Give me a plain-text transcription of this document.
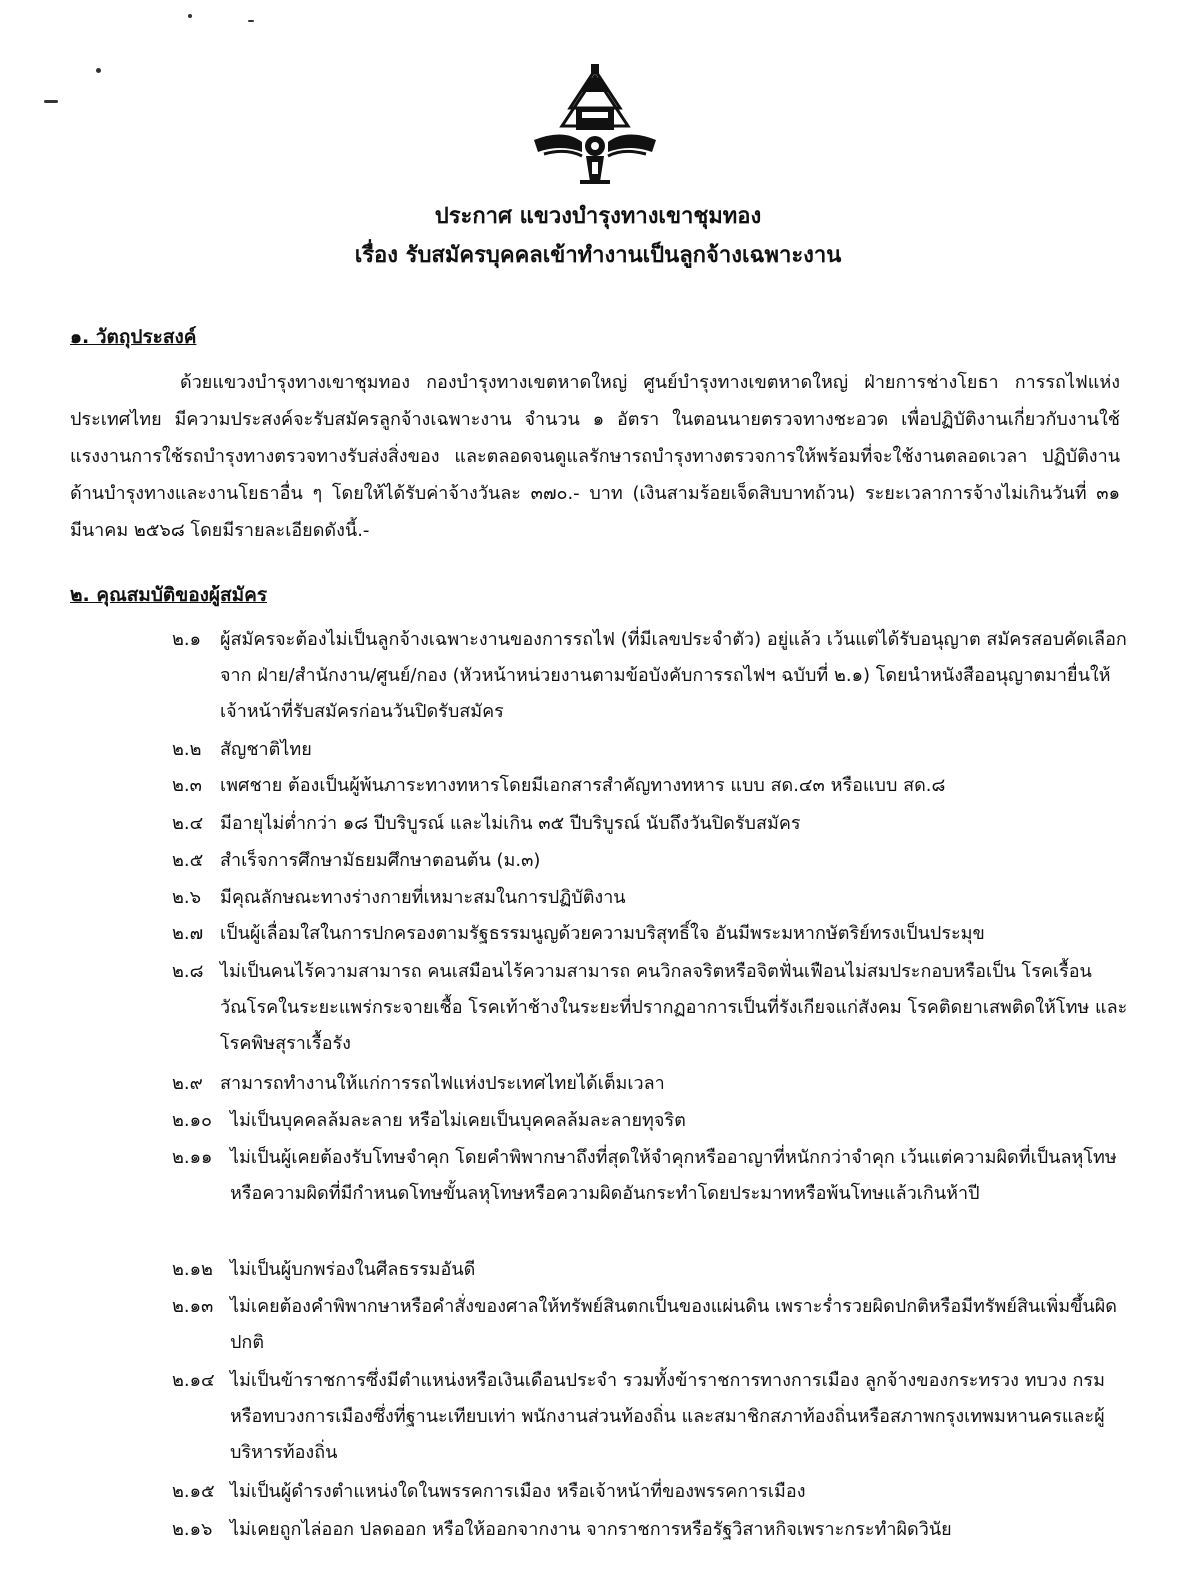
ประกาศ แขวงบำรุงทางเขาชุมทอง
เรื่อง รับสมัครบุคคลเข้าทำงานเป็นลูกจ้างเฉพาะงาน
๑. วัตถุประสงค์
ด้วยแขวงบำรุงทางเขาชุมทอง กองบำรุงทางเขตหาดใหญ่ ศูนย์บำรุงทางเขตหาดใหญ่ ฝ่ายการช่างโยธา การรถไฟแห่งประเทศไทย มีความประสงค์จะรับสมัครลูกจ้างเฉพาะงาน จำนวน ๑ อัตรา ในตอนนายตรวจทางชะอวด เพื่อปฏิบัติงานเกี่ยวกับงานใช้แรงงานการใช้รถบำรุงทางตรวจทางรับส่งสิ่งของ และตลอดจนดูแลรักษารถบำรุงทางตรวจการให้พร้อมที่จะใช้งานตลอดเวลา ปฏิบัติงานด้านบำรุงทางและงานโยธาอื่น ๆ โดยให้ได้รับค่าจ้างวันละ ๓๗๐.- บาท (เงินสามร้อยเจ็ดสิบบาทถ้วน) ระยะเวลาการจ้างไม่เกินวันที่ ๓๑ มีนาคม ๒๕๖๘ โดยมีรายละเอียดดังนี้.-
๒. คุณสมบัติของผู้สมัคร
๒.๑	ผู้สมัครจะต้องไม่เป็นลูกจ้างเฉพาะงานของการรถไฟ (ที่มีเลขประจำตัว) อยู่แล้ว เว้นแต่ได้รับอนุญาต สมัครสอบคัดเลือกจาก ฝ่าย/สำนักงาน/ศูนย์/กอง (หัวหน้าหน่วยงานตามข้อบังคับการรถไฟฯ ฉบับที่ ๒.๑) โดยนำหนังสืออนุญาตมายื่นให้เจ้าหน้าที่รับสมัครก่อนวันปิดรับสมัคร
๒.๒	สัญชาติไทย
๒.๓	เพศชาย ต้องเป็นผู้พ้นภาระทางทหารโดยมีเอกสารสำคัญทางทหาร แบบ สด.๔๓ หรือแบบ สด.๘
๒.๔ มีอายุไม่ต่ำกว่า ๑๘ ปีบริบูรณ์ และไม่เกิน ๓๕ ปีบริบูรณ์ นับถึงวันปิดรับสมัคร
๒.๕ สำเร็จการศึกษามัธยมศึกษาตอนต้น (ม.๓)
๒.๖	มีคุณลักษณะทางร่างกายที่เหมาะสมในการปฏิบัติงาน
๒.๗ เป็นผู้เลื่อมใสในการปกครองตามรัฐธรรมนูญด้วยความบริสุทธิ์ใจ อันมีพระมหากษัตริย์ทรงเป็นประมุข
๒.๘ ไม่เป็นคนไร้ความสามารถ คนเสมือนไร้ความสามารถ คนวิกลจริตหรือจิตฟั่นเฟือนไม่สมประกอบหรือเป็น โรคเรื้อน วัณโรคในระยะแพร่กระจายเชื้อ โรคเท้าช้างในระยะที่ปรากฏอาการเป็นที่รังเกียจแก่สังคม โรคติดยาเสพติดให้โทษ และโรคพิษสุราเรื้อรัง
๒.๙ สามารถทำงานให้แก่การรถไฟแห่งประเทศไทยได้เต็มเวลา
๒.๑๐	ไม่เป็นบุคคลล้มละลาย หรือไม่เคยเป็นบุคคลล้มละลายทุจริต
๒.๑๑ ไม่เป็นผู้เคยต้องรับโทษจำคุก โดยคำพิพากษาถึงที่สุดให้จำคุกหรืออาญาที่หนักกว่าจำคุก เว้นแต่ความผิดที่เป็นลหุโทษ หรือความผิดที่มีกำหนดโทษขั้นลหุโทษหรือความผิดอันกระทำโดยประมาทหรือพ้นโทษแล้วเกินห้าปี
๒.๑๒ ไม่เป็นผู้บกพร่องในศีลธรรมอันดี
๒.๑๓ ไม่เคยต้องคำพิพากษาหรือคำสั่งของศาลให้ทรัพย์สินตกเป็นของแผ่นดิน เพราะร่ำรวยผิดปกติหรือมีทรัพย์สินเพิ่มขึ้นผิดปกติ
๒.๑๔ ไม่เป็นข้าราชการซึ่งมีตำแหน่งหรือเงินเดือนประจำ รวมทั้งข้าราชการทางการเมือง ลูกจ้างของกระทรวง ทบวง กรม หรือทบวงการเมืองซึ่งที่ฐานะเทียบเท่า พนักงานส่วนท้องถิ่น และสมาชิกสภาท้องถิ่นหรือสภาพกรุงเทพมหานครและผู้บริหารท้องถิ่น
๒.๑๕ ไม่เป็นผู้ดำรงตำแหน่งใดในพรรคการเมือง หรือเจ้าหน้าที่ของพรรคการเมือง
๒.๑๖ ไม่เคยถูกไล่ออก ปลดออก หรือให้ออกจากงาน จากราชการหรือรัฐวิสาหกิจเพราะกระทำผิดวินัย
